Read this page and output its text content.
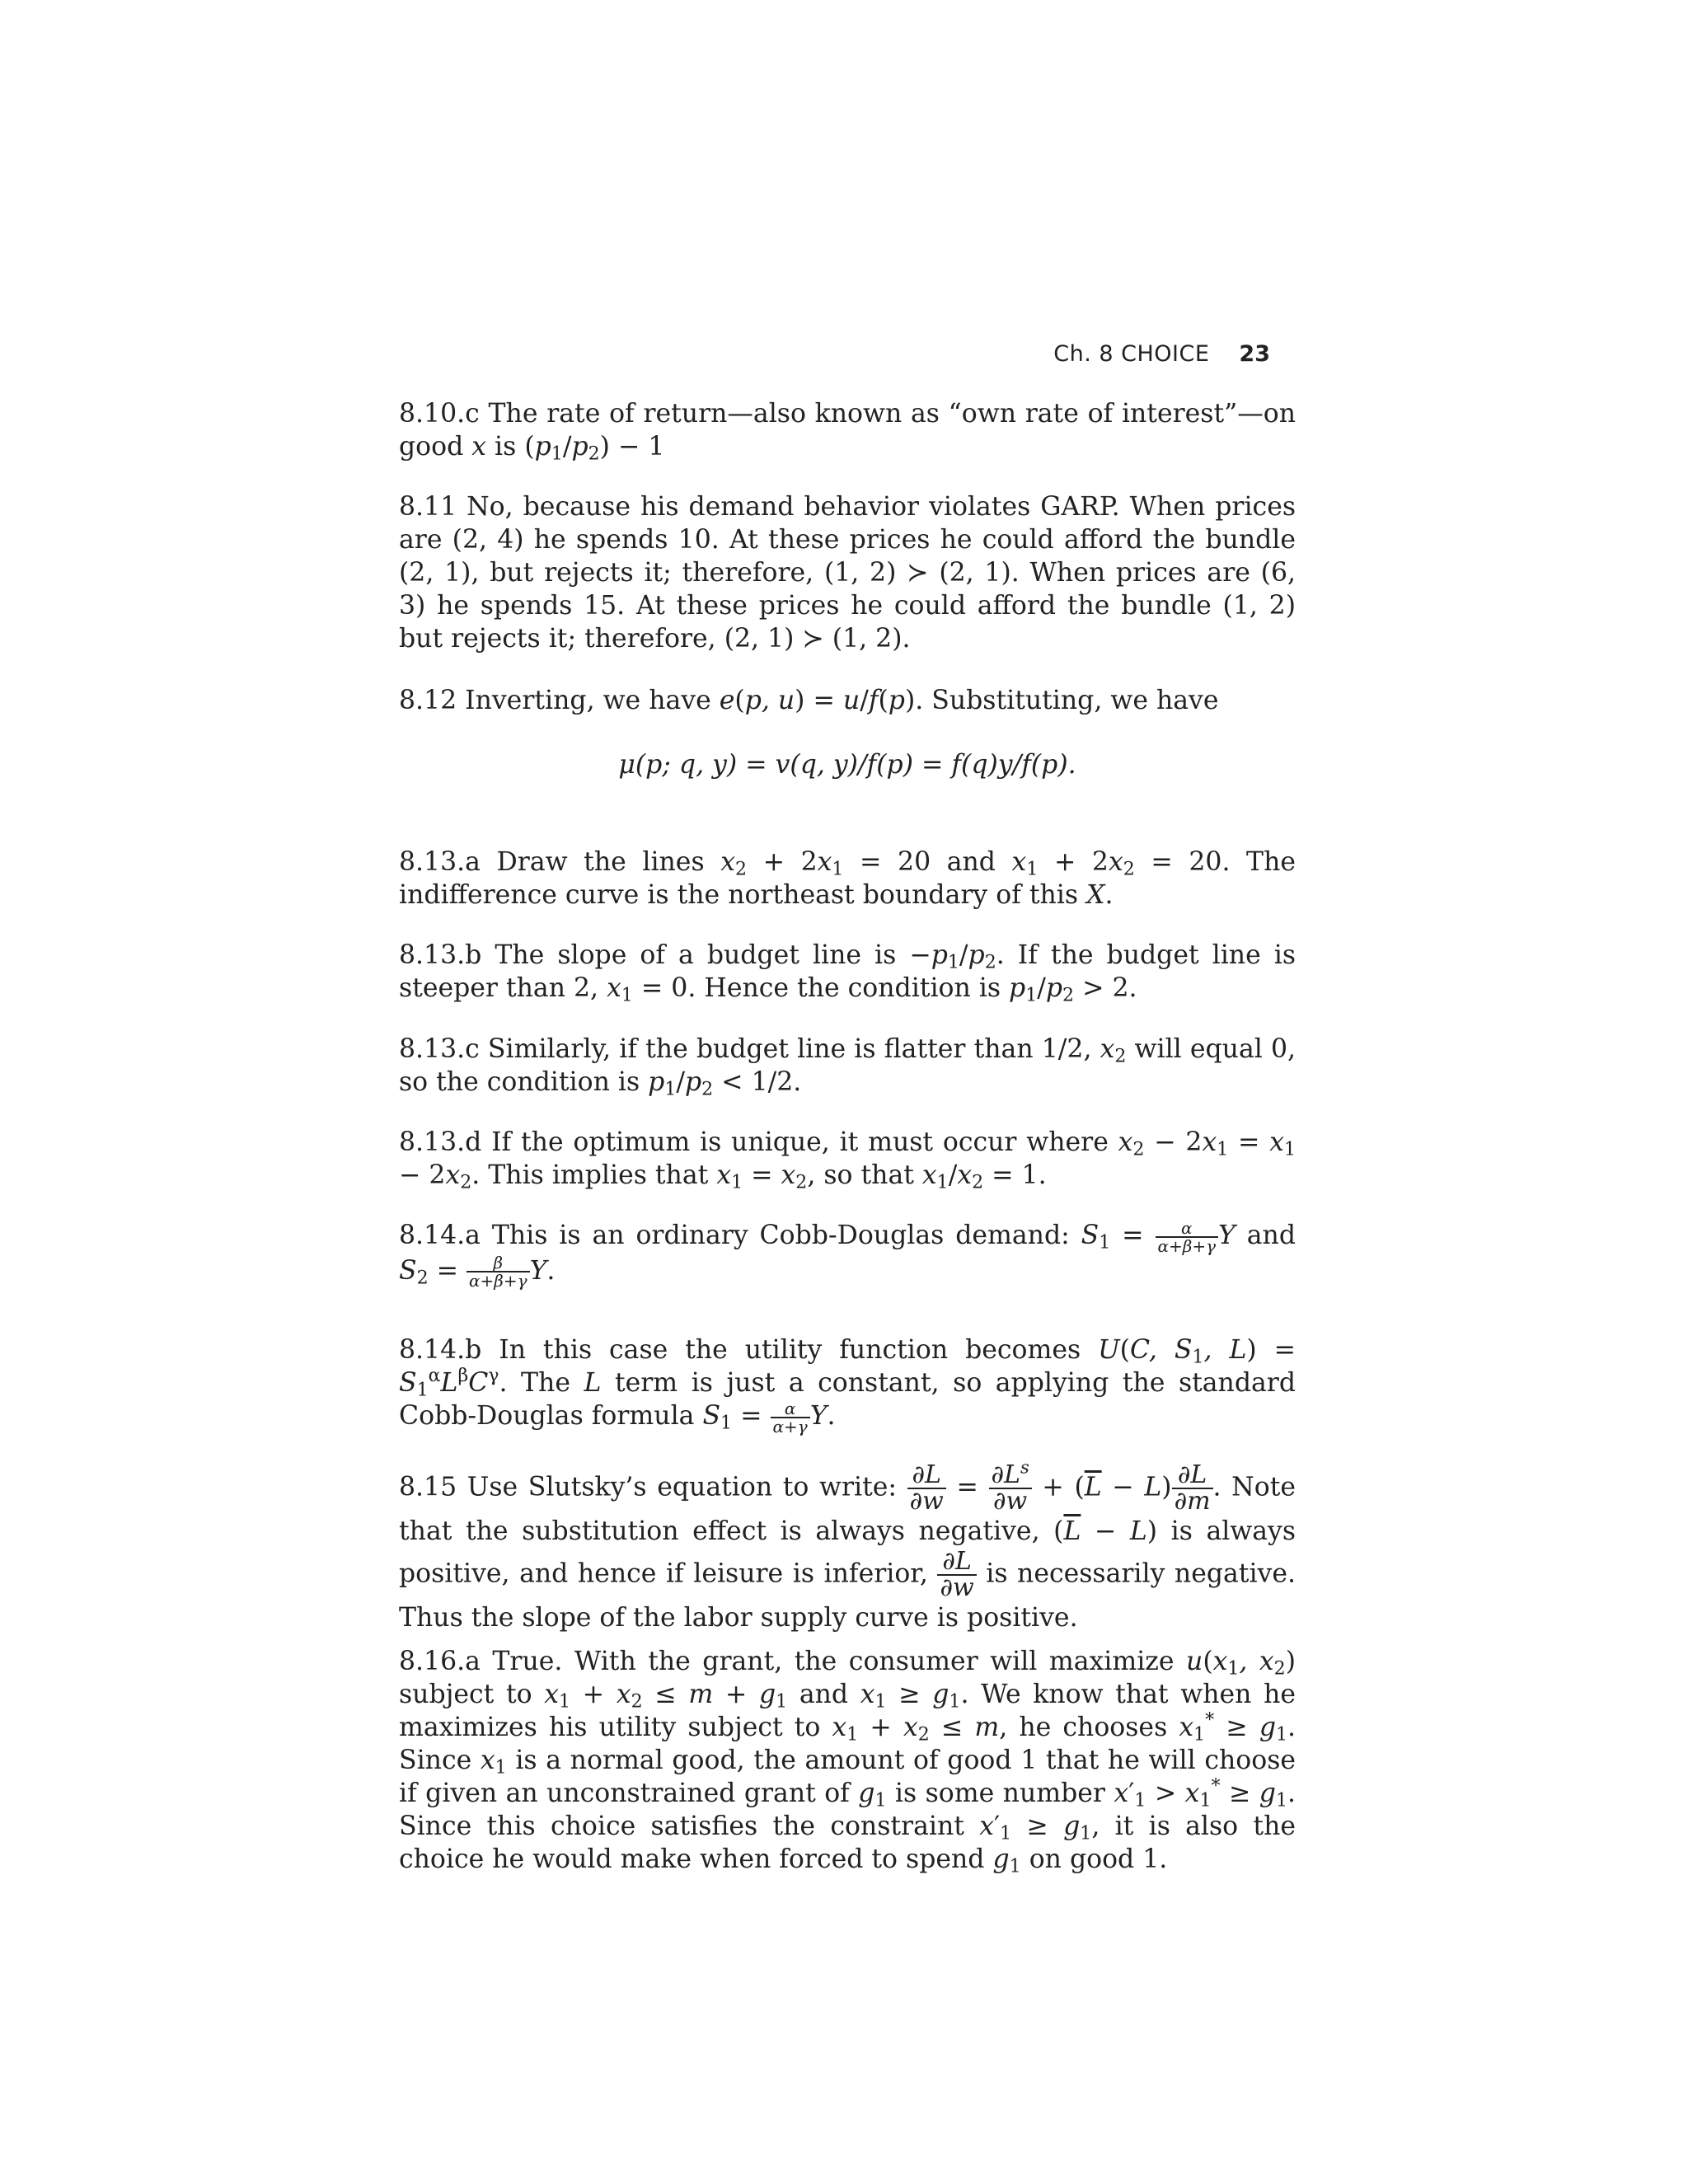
Ch. 8 CHOICE 23

8.10.c The rate of return—also known as “own rate of interest”—on good x is $(p_1/p_2) - 1$

8.11 No, because his demand behavior violates GARP. When prices are (2, 4) he spends 10. At these prices he could afford the bundle (2, 1), but rejects it; therefore, (1, 2) ≻ (2, 1). When prices are (6, 3) he spends 15. At these prices he could afford the bundle (1, 2) but rejects it; therefore, (2, 1) ≻ (1, 2).

8.12 Inverting, we have e(p, u) = u/f(p). Substituting, we have

μ(p; q, y) = v(q, y)/f(p) = f(q)y/f(p).

8.13.a Draw the lines $x_2 + 2x_1 = 20$ and $x_1 + 2x_2 = 20$. The indifference curve is the northeast boundary of this X.

8.13.b The slope of a budget line is $-p_1/p_2$. If the budget line is steeper than 2, $x_1 = 0$. Hence the condition is $p_1/p_2 > 2$.

8.13.c Similarly, if the budget line is flatter than 1/2, $x_2$ will equal 0, so the condition is $p_1/p_2 < 1/2$.

8.13.d If the optimum is unique, it must occur where $x_2 - 2x_1 = x_1 - 2x_2$. This implies that $x_1 = x_2$, so that $x_1/x_2 = 1$.

8.14.a This is an ordinary Cobb-Douglas demand: $S_1 = \frac{\alpha}{\alpha+\beta+\gamma}$ Y and $S_2 = \frac{\beta}{\alpha+\beta+\gamma} Y$.

8.14.b In this case the utility function becomes U(C, $S_1$, $L) = S_1^\alpha L^\beta C^\gamma$. The L term is just a constant, so applying the standard Cobb-Douglas formula $S_1 = \frac{\alpha}{\alpha+\gamma} Y$.

8.15 Use Slutsky’s equation to write: $\frac{\partial L}{\partial w} = \frac{\partial L^s}{\partial w} + (\overline{L} - L) \frac{\partial L}{\partial m}$ . Note that the substitution effect is always negative, $(\overline{L} - L)$ is always positive, and hence if leisure is inferior, $\frac{\partial L}{\partial w}$ is necessarily negative. Thus the slope of the labor supply curve is positive.

8.16.a True. With the grant, the consumer will maximize $u(x_1$, $x_2$) subject to $x_1 + x_2 \le m + g_1$ and $x_1 \ge g_1$. We know that when he maximizes his utility subject to $x_1 + x_2 \le m$, he chooses $x_1^* \ge g_1$. Since $x_1$ is a normal good, the amount of good 1 that he will choose if given an unconstrained grant of $g_1$ is some number $x'_1 > x_1^* \ge g_1$. Since this choice satisfies the constraint $x'_1 \ge g_1$, it is also the choice he would make when forced to spend $g_1$ on good 1.
